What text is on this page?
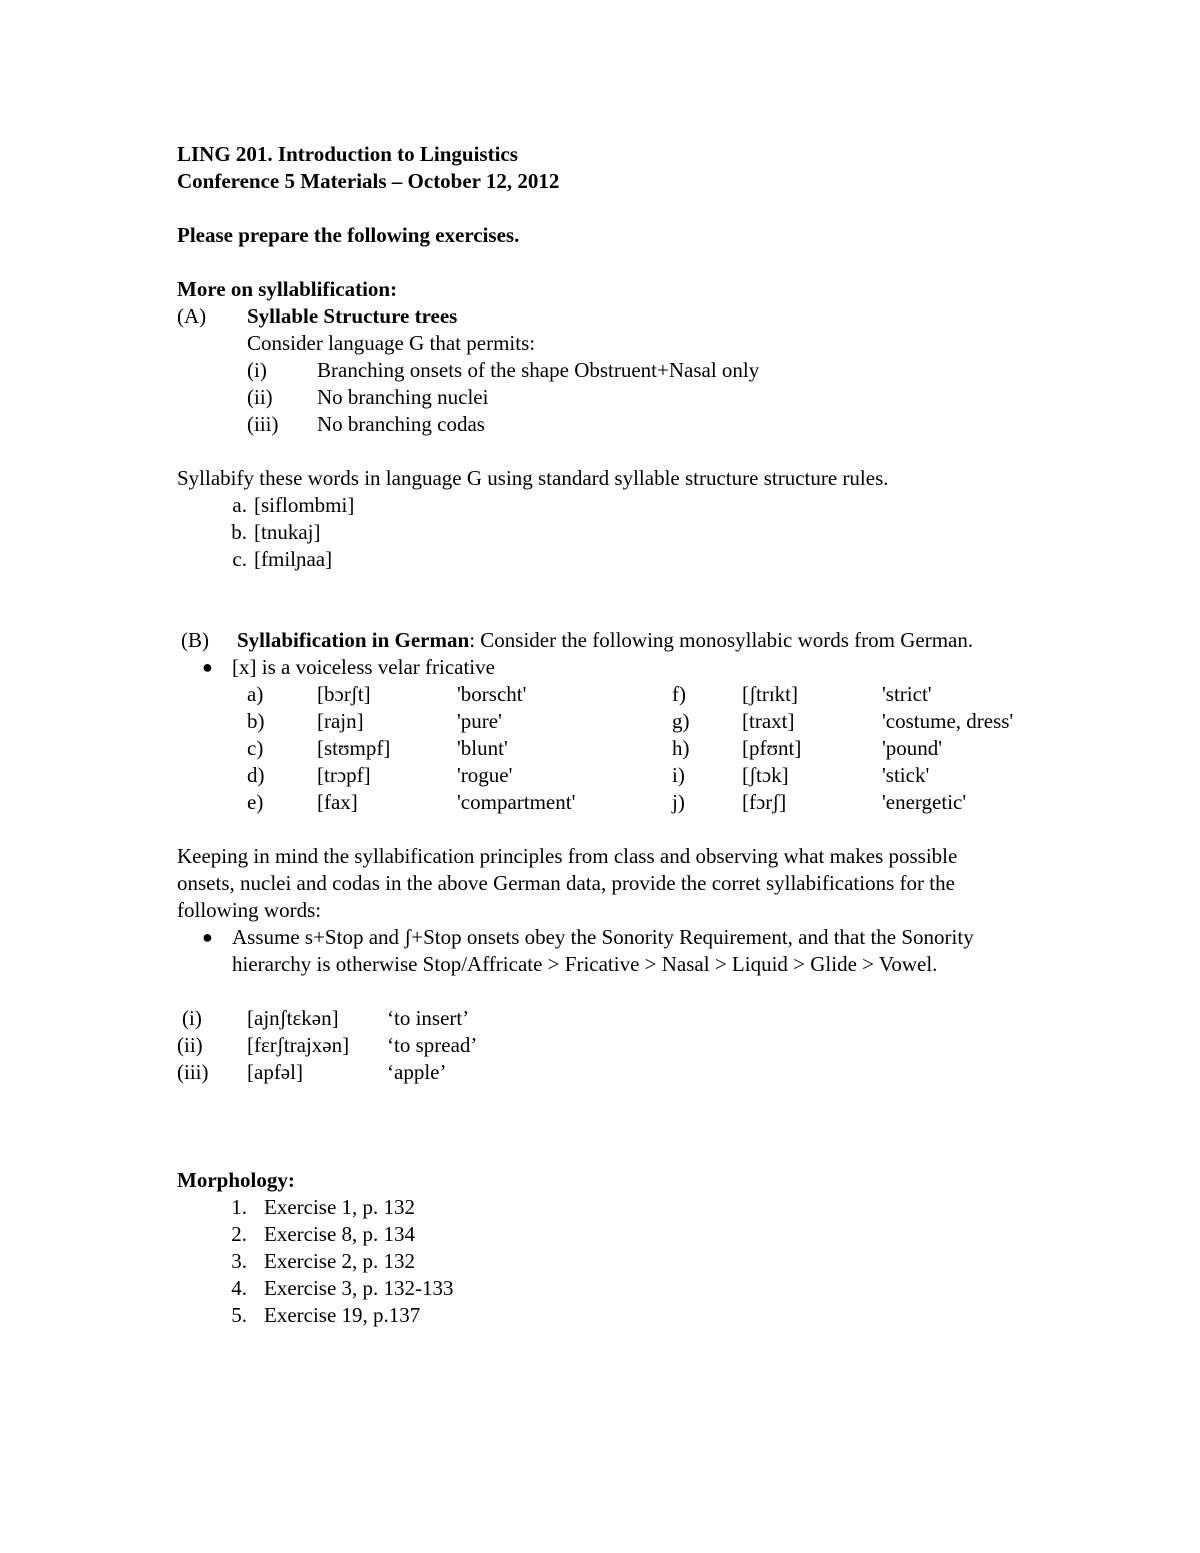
LING 201. Introduction to Linguistics
Conference 5 Materials – October 12, 2012
Please prepare the following exercises.
More on syllablification:
(A)	Syllable Structure trees
Consider language G that permits:
(i)	Branching onsets of the shape Obstruent+Nasal only
(ii)	No branching nuclei
(iii)	No branching codas
Syllabify these words in language G using standard syllable structure structure rules.
a. [siflombmi]
b. [tnukaj]
c. [fmilɲaa]
(B) Syllabification in German: Consider the following monosyllabic words from German.
● [x] is a voiceless velar fricative
a)	[bɔrʃt]	'borscht'	f)	[ʃtrɪkt]	'strict'
b)	[rajn]	'pure'	g)	[traxt]	'costume, dress'
c)	[stʊmpf]	'blunt'	h)	[pfʊnt]	'pound'
d)	[trɔpf]	'rogue'	i)	[ʃtɔk]	'stick'
e)	[fax]	'compartment'	j)	[fɔrʃ]	'energetic'
Keeping in mind the syllabification principles from class and observing what makes possible onsets, nuclei and codas in the above German data, provide the corret syllabifications for the following words:
● Assume s+Stop and ʃ+Stop onsets obey the Sonority Requirement, and that the Sonority hierarchy is otherwise Stop/Affricate > Fricative > Nasal > Liquid > Glide > Vowel.
(i)	[ajnʃtɛkən]	‘to insert’
(ii)	[fɛrʃtrajxən]	‘to spread’
(iii)	[apfəl]	‘apple’
Morphology:
1. Exercise 1, p. 132
2. Exercise 8, p. 134
3. Exercise 2, p. 132
4. Exercise 3, p. 132-133
5. Exercise 19, p.137
